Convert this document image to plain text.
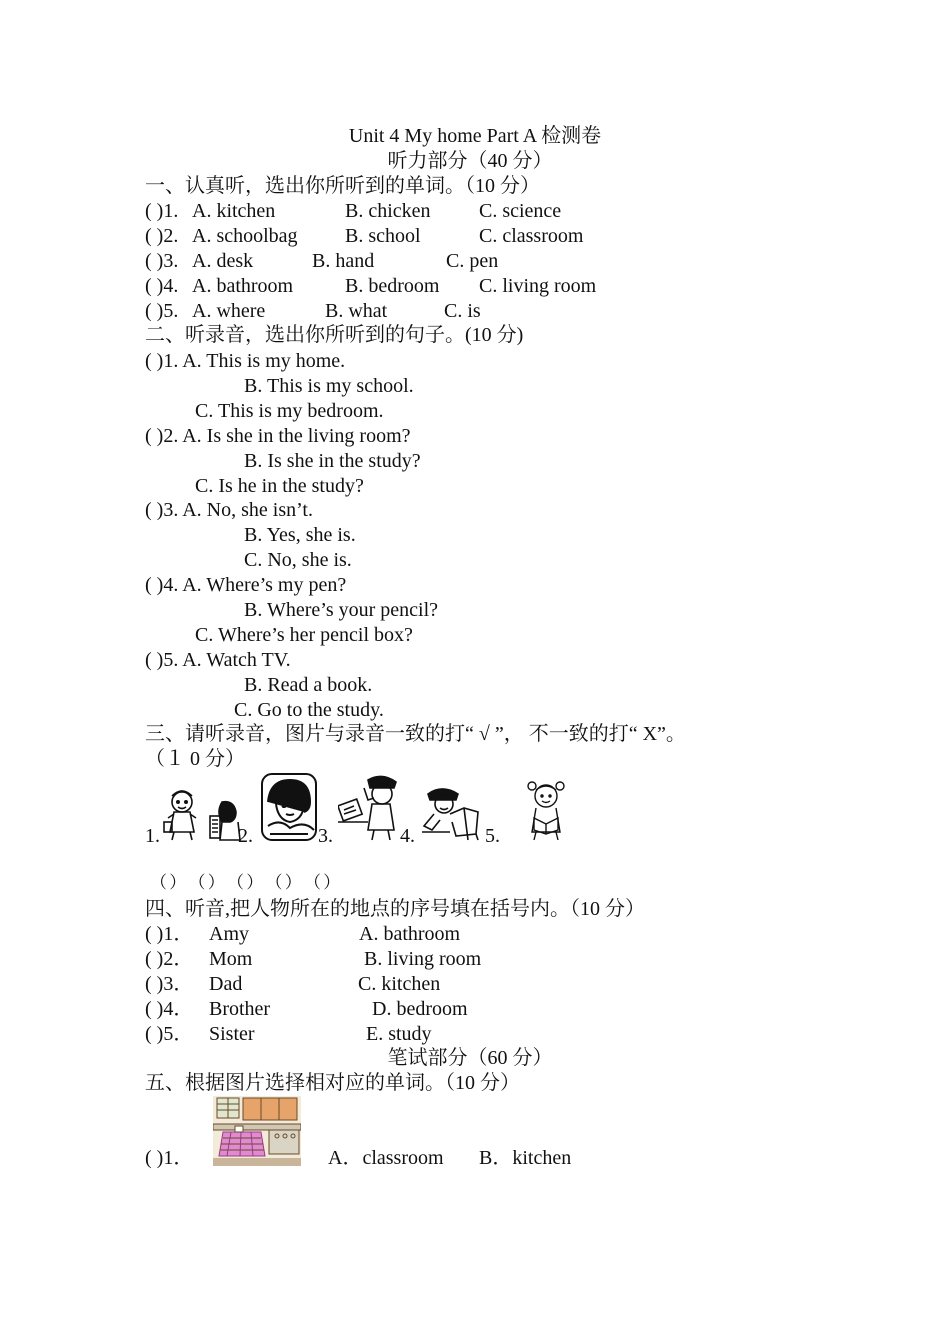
Unit 4 My home Part A 检测卷
听力部分（40 分）
一、认真听，选出你所听到的单词。（10 分）
( )1. A. kitchen	B. chicken C. science
( )2. A. schoolbag B. school	C. classroom
( )3. A. desk	B. hand	C. pen
( )4. A. bathroom	B. bedroom C. living room
( )5. A. where	B. what	C. is
二、听录音，选出你所听到的句子。(10 分)
( )1. A. This is my home.
B. This is my school.
C. This is my bedroom.
( )2. A. Is she in the living room?
B. Is she in the study?
C. Is he in the study?
( )3. A. No, she isn’t.
B. Yes, she is.
C. No, she is.
( )4. A. Where’s my pen?
B. Where’s your pencil?
C. Where’s her pencil box?
( )5. A. Watch TV.
B. Read a book.
C. Go to the study.
三、请听录音，图片与录音一致的打“ √ ”， 不一致的打“ X”。
（１ 0 分）
1.	2.	3.	4.	5.
（ ） （ ） （ ） （ ） （ ）
四、听音,把人物所在的地点的序号填在括号内。（10 分）
( )1． Amy	A. bathroom
( )2． Mom	B. living room
( )3． Dad	C. kitchen
( )4． Brother	D. bedroom
( )5． Sister	E. study
笔试部分（60 分）
五、根据图片选择相对应的单词。（10 分）
( )1．	A．classroom B．kitchen
